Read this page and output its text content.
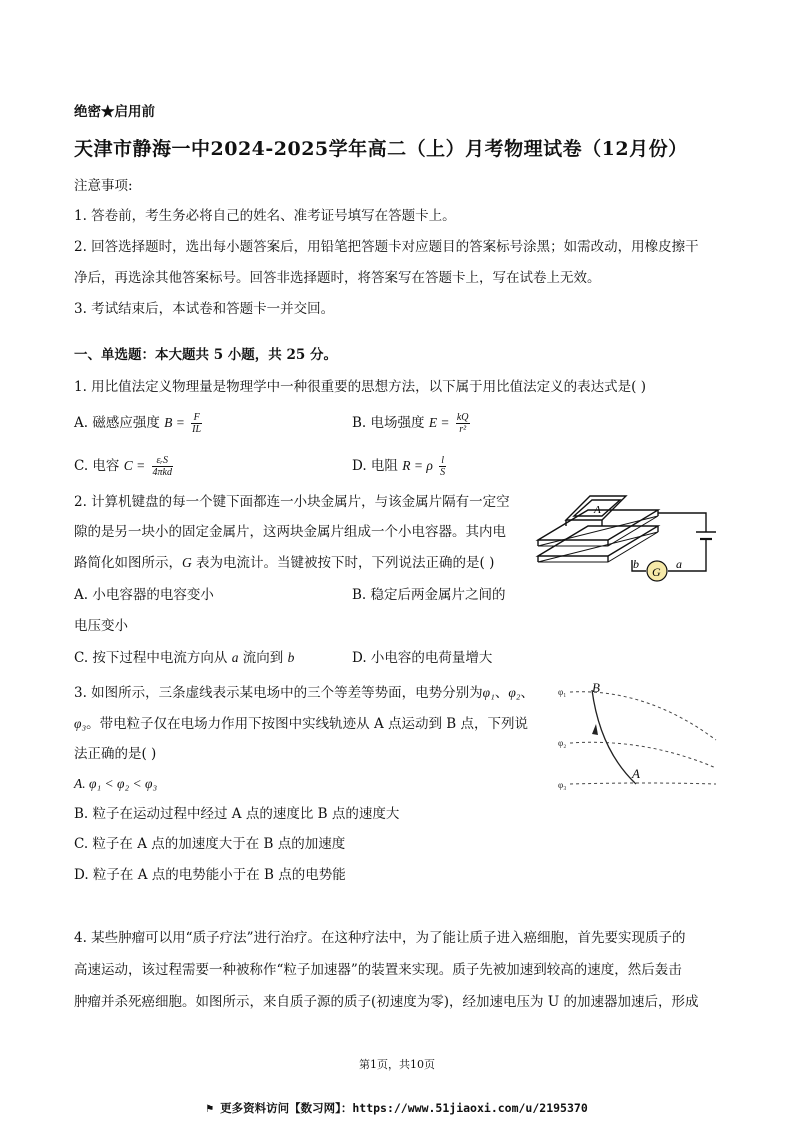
绝密★启用前
天津市静海一中2024-2025学年高二（上）月考物理试卷（12月份）
注意事项:
1. 答卷前，考生务必将自己的姓名、准考证号填写在答题卡上。
2. 回答选择题时，选出每小题答案后，用铅笔把答题卡对应题目的答案标号涂黑；如需改动，用橡皮擦干
净后，再选涂其他答案标号。回答非选择题时，将答案写在答题卡上，写在试卷上无效。
3. 考试结束后，本试卷和答题卡一并交回。
一、单选题：本大题共 5 小题，共 25 分。
1. 用比值法定义物理量是物理学中一种很重要的思想方法，以下属于用比值法定义的表达式是( )
A. 磁感应强度 $B = \frac{F}{IL}$	B. 电场强度 $E = \frac{kQ}{\text{r²}}$
C. 电容 $C = \frac{\text{εᵣS}}{\text{4πkd}}$	D. 电阻 R = ρ $\frac{l}{S}$
2. 计算机键盘的每一个键下面都连一小块金属片，与该金属片隔有一定空
隙的是另一块小的固定金属片，这两块金属片组成一个小电容器。其内电
路简化如图所示，G 表为电流计。当键被按下时，下列说法正确的是( )
A. 小电容器的电容变小	B. 稳定后两金属片之间的
电压变小
C. 按下过程中电流方向从 a 流向到 b	D. 小电容的电荷量增大
G
b	a
A
3. 如图所示，三条虚线表示某电场中的三个等差等势面，电势分别为φ₁、φ₂、
φ₃。带电粒子仅在电场力作用下按图中实线轨迹从 A 点运动到 B 点，下列说
法正确的是( )
A. φ₁ < φ₂ < φ₃
B. 粒子在运动过程中经过 A 点的速度比 B 点的速度大
C. 粒子在 A 点的加速度大于在 B 点的加速度
D. 粒子在 A 点的电势能小于在 B 点的电势能
φ₁
φ₂
φ₃
B
A
4. 某些肿瘤可以用“质子疗法”进行治疗。在这种疗法中，为了能让质子进入癌细胞，首先要实现质子的
高速运动，该过程需要一种被称作“粒子加速器”的装置来实现。质子先被加速到较高的速度，然后轰击
肿瘤并杀死癌细胞。如图所示，来自质子源的质子(初速度为零)，经加速电压为 U 的加速器加速后，形成
第1页，共10页
⚑ 更多资料访问【数习网】：https://www.51jiaoxi.com/u/2195370
